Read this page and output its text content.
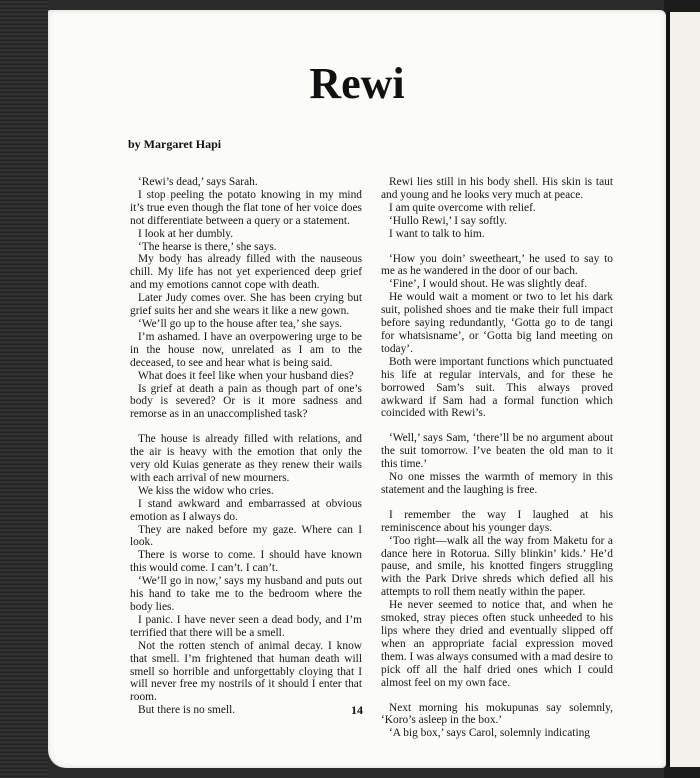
Rewi
by Margaret Hapi

‘Rewi’s dead,’ says Sarah.

I stop peeling the potato knowing in my mind it’s true even though the flat tone of her voice does not differentiate between a query or a statement.

I look at her dumbly.

‘The hearse is there,’ she says.

My body has already filled with the nauseous chill. My life has not yet experienced deep grief and my emotions cannot cope with death.

Later Judy comes over. She has been crying but grief suits her and she wears it like a new gown.

‘We’ll go up to the house after tea,’ she says.

I’m ashamed. I have an overpowering urge to be in the house now, unrelated as I am to the deceased, to see and hear what is being said.

What does it feel like when your husband dies?

Is grief at death a pain as though part of one’s body is severed? Or is it more sadness and remorse as in an unaccomplished task?

The house is already filled with relations, and the air is heavy with the emotion that only the very old Kuias generate as they renew their wails with each arrival of new mourners.

We kiss the widow who cries.

I stand awkward and embarrassed at obvious emotion as I always do.

They are naked before my gaze. Where can I look.

There is worse to come. I should have known this would come. I can’t. I can’t.

‘We’ll go in now,’ says my husband and puts out his hand to take me to the bedroom where the body lies.

I panic. I have never seen a dead body, and I’m terrified that there will be a smell.

Not the rotten stench of animal decay. I know that smell. I’m frightened that human death will smell so horrible and unforgettably cloying that I will never free my nostrils of it should I enter that room.

But there is no smell.

Rewi lies still in his body shell. His skin is taut and young and he looks very much at peace.

I am quite overcome with relief.

‘Hullo Rewi,’ I say softly.

I want to talk to him.

‘How you doin’ sweetheart,’ he used to say to me as he wandered in the door of our bach.

‘Fine’, I would shout. He was slightly deaf.

He would wait a moment or two to let his dark suit, polished shoes and tie make their full impact before saying redundantly, ‘Gotta go to de tangi for whatsisname’, or ‘Gotta big land meeting on today’.

Both were important functions which punctuated his life at regular intervals, and for these he borrowed Sam’s suit. This always proved awkward if Sam had a formal function which coincided with Rewi’s.

‘Well,’ says Sam, ‘there’ll be no argument about the suit tomorrow. I’ve beaten the old man to it this time.’

No one misses the warmth of memory in this statement and the laughing is free.

I remember the way I laughed at his reminiscence about his younger days.

‘Too right—walk all the way from Maketu for a dance here in Rotorua. Silly blinkin’ kids.’ He’d pause, and smile, his knotted fingers struggling with the Park Drive shreds which defied all his attempts to roll them neatly within the paper.

He never seemed to notice that, and when he smoked, stray pieces often stuck unheeded to his lips where they dried and eventually slipped off when an appropriate facial expression moved them. I was always consumed with a mad desire to pick off all the half dried ones which I could almost feel on my own face.

Next morning his mokupunas say solemnly, ‘Koro’s asleep in the box.’

‘A big box,’ says Carol, solemnly indicating

14
